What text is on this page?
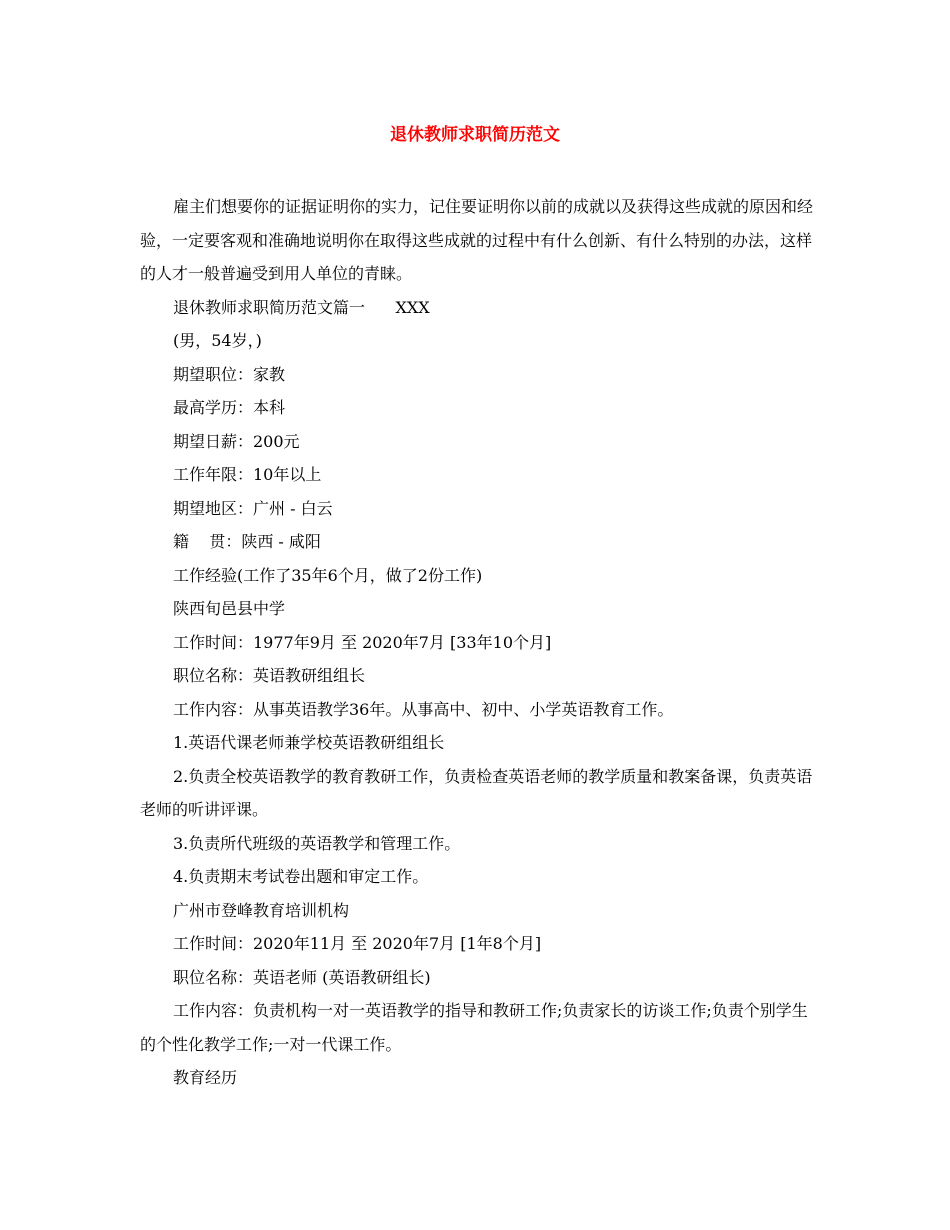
退休教师求职简历范文

雇主们想要你的证据证明你的实力，记住要证明你以前的成就以及获得这些成就的原因和经验，一定要客观和准确地说明你在取得这些成就的过程中有什么创新、有什么特别的办法，这样的人才一般普遍受到用人单位的青睐。

退休教师求职简历范文篇一      XXX

(男，54岁，)

期望职位：家教

最高学历：本科

期望日薪：200元

工作年限：10年以上

期望地区：广州 - 白云

籍    贯：陕西 - 咸阳

工作经验(工作了35年6个月，做了2份工作)

陕西旬邑县中学

工作时间：1977年9月 至 2020年7月 [33年10个月]

职位名称：英语教研组组长

工作内容：从事英语教学36年。从事高中、初中、小学英语教育工作。

1.英语代课老师兼学校英语教研组组长

2.负责全校英语教学的教育教研工作，负责检查英语老师的教学质量和教案备课，负责英语老师的听讲评课。

3.负责所代班级的英语教学和管理工作。

4.负责期末考试卷出题和审定工作。

广州市登峰教育培训机构

工作时间：2020年11月 至 2020年7月 [1年8个月]

职位名称：英语老师 (英语教研组长)

工作内容：负责机构一对一英语教学的指导和教研工作;负责家长的访谈工作;负责个别学生的个性化教学工作;一对一代课工作。

教育经历
